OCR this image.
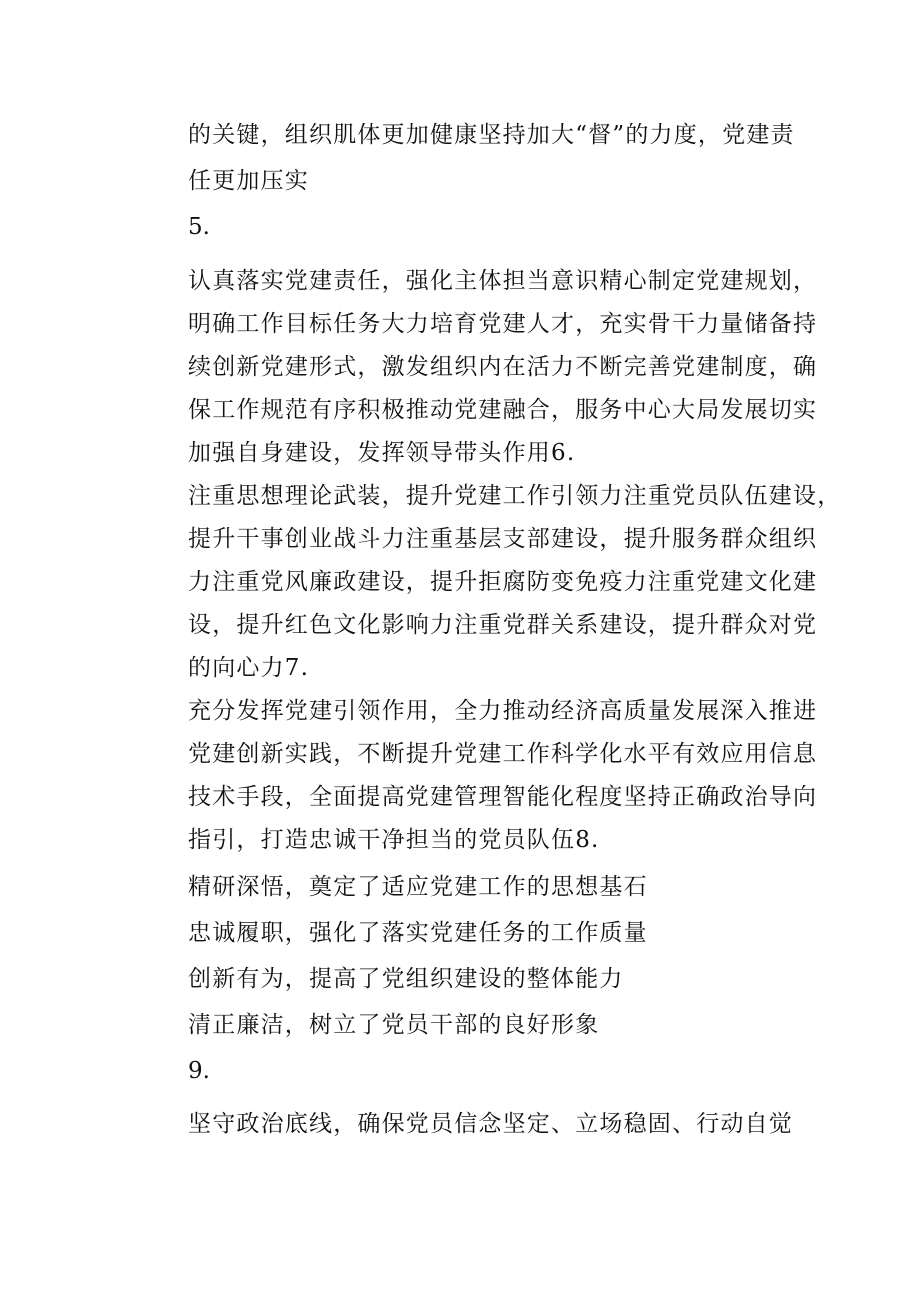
的关键，组织肌体更加健康坚持加大“督”的力度，党建责
任更加压实
5.
认真落实党建责任，强化主体担当意识精心制定党建规划，
明确工作目标任务大力培育党建人才，充实骨干力量储备持
续创新党建形式，激发组织内在活力不断完善党建制度，确
保工作规范有序积极推动党建融合，服务中心大局发展切实
加强自身建设，发挥领导带头作用6.
注重思想理论武装，提升党建工作引领力注重党员队伍建设，
提升干事创业战斗力注重基层支部建设，提升服务群众组织
力注重党风廉政建设，提升拒腐防变免疫力注重党建文化建
设，提升红色文化影响力注重党群关系建设，提升群众对党
的向心力7.
充分发挥党建引领作用，全力推动经济高质量发展深入推进
党建创新实践，不断提升党建工作科学化水平有效应用信息
技术手段，全面提高党建管理智能化程度坚持正确政治导向
指引，打造忠诚干净担当的党员队伍8.
精研深悟，奠定了适应党建工作的思想基石
忠诚履职，强化了落实党建任务的工作质量
创新有为，提高了党组织建设的整体能力
清正廉洁，树立了党员干部的良好形象
9.
坚守政治底线，确保党员信念坚定、立场稳固、行动自觉
